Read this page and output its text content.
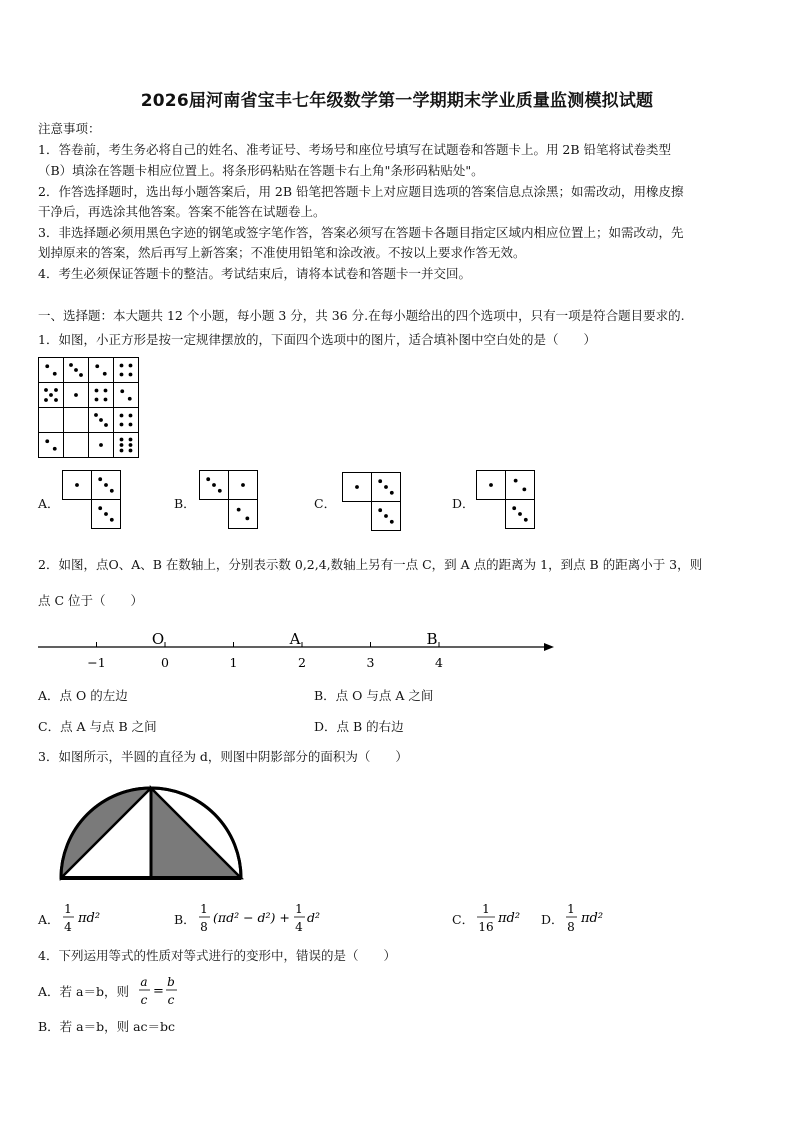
2026届河南省宝丰七年级数学第一学期期末学业质量监测模拟试题
注意事项：
1．答卷前，考生务必将自己的姓名、准考证号、考场号和座位号填写在试题卷和答题卡上。用 2B 铅笔将试卷类型
（B）填涂在答题卡相应位置上。将条形码粘贴在答题卡右上角"条形码粘贴处"。
2．作答选择题时，选出每小题答案后，用 2B 铅笔把答题卡上对应题目选项的答案信息点涂黑；如需改动，用橡皮擦
干净后，再选涂其他答案。答案不能答在试题卷上。
3．非选择题必须用黑色字迹的钢笔或签字笔作答，答案必须写在答题卡各题目指定区域内相应位置上；如需改动，先
划掉原来的答案，然后再写上新答案；不准使用铅笔和涂改液。不按以上要求作答无效。
4．考生必须保证答题卡的整洁。考试结束后，请将本试卷和答题卡一并交回。
一、选择题：本大题共 12 个小题，每小题 3 分，共 36 分.在每小题给出的四个选项中，只有一项是符合题目要求的.
1．如图，小正方形是按一定规律摆放的，下面四个选项中的图片，适合填补图中空白处的是（　　）
A．	B．	C．	D．
2．如图，点O、A、B 在数轴上，分别表示数 0,2,4,数轴上另有一点 C，到 A 点的距离为 1，到点 B 的距离小于 3，则
点 C 位于（　　）
−1	0	1	2	3	4
O	A	B
A．点 O 的左边	B．点 O 与点 A 之间
C．点 A 与点 B 之间	D．点 B 的右边
3．如图所示，半圆的直径为 d，则图中阴影部分的面积为（　　）
A．
1
4
πd²	B．
1
8
(πd² − d²) +
1
4
d²	C．
1
16
πd² D．
1
8
πd²
4．下列运用等式的性质对等式进行的变形中，错误的是（　　）
A．若 a＝b，则
a
c
=
b
c
B．若 a＝b，则 ac＝bc
